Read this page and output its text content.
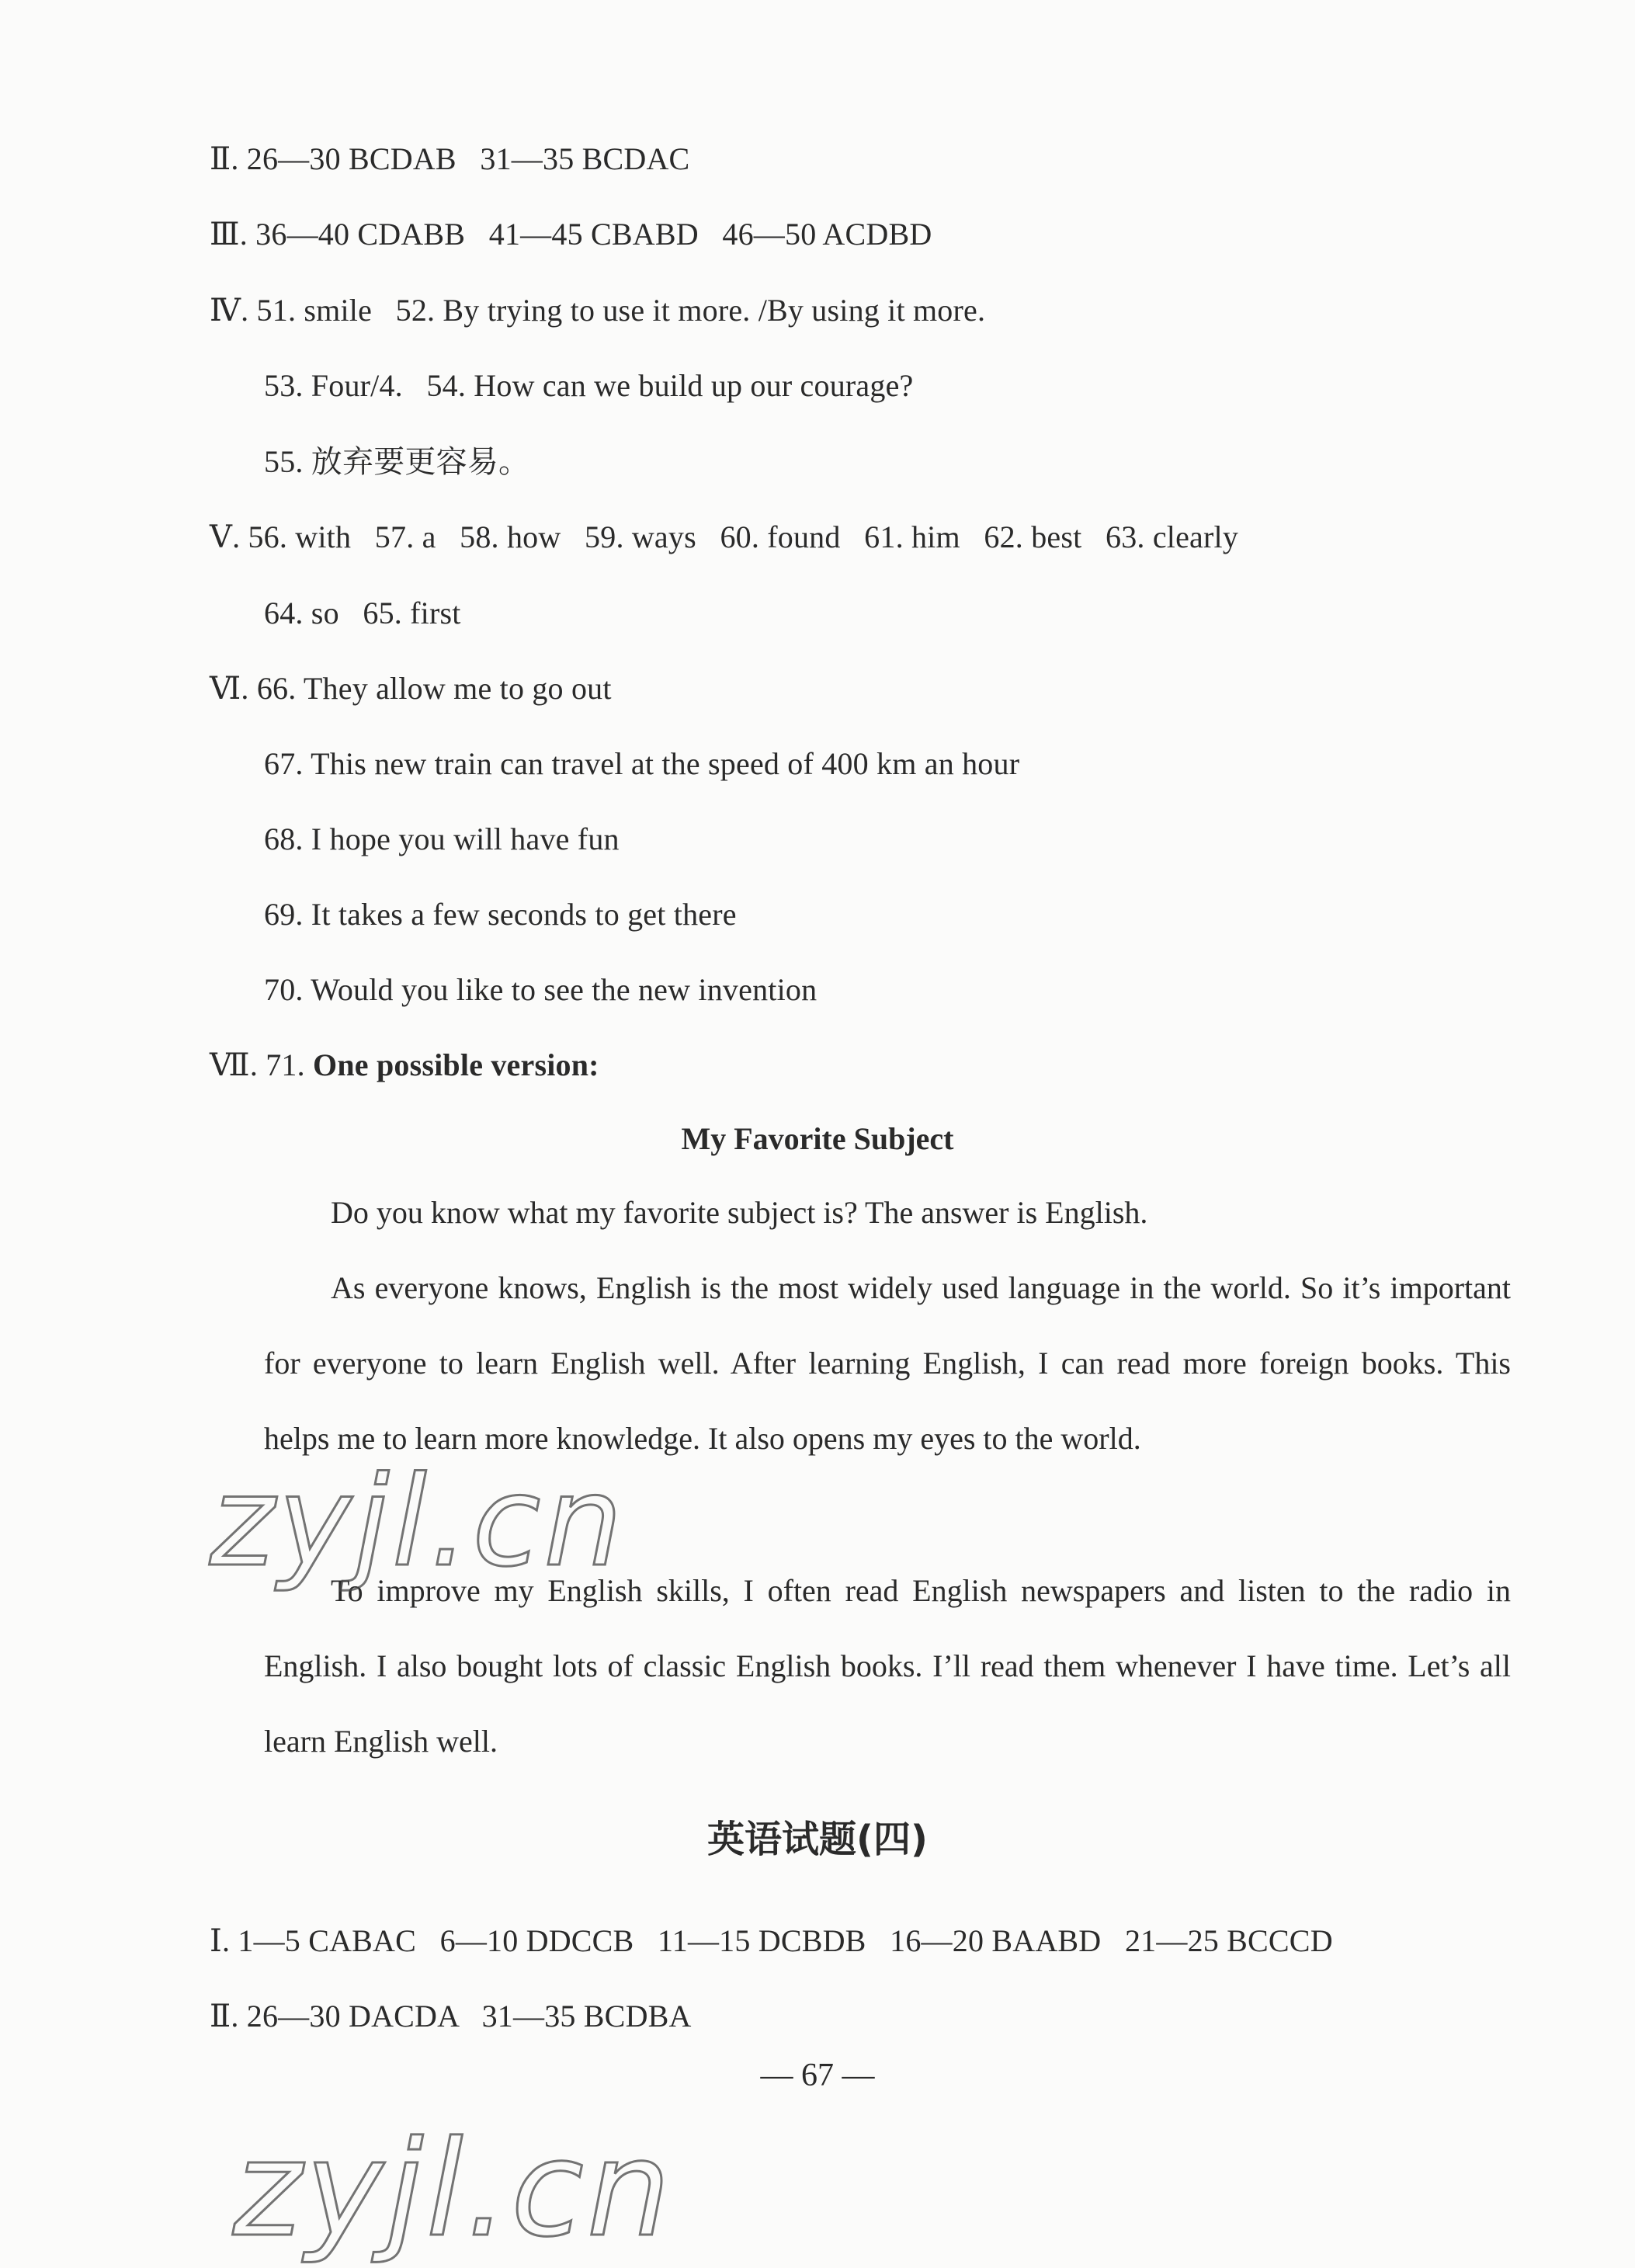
Ⅱ. 26—30 BCDAB   31—35 BCDAC
Ⅲ. 36—40 CDABB   41—45 CBABD   46—50 ACDBD
Ⅳ. 51. smile   52. By trying to use it more. /By using it more.
53. Four/4.   54. How can we build up our courage?
55. 放弃要更容易。
Ⅴ. 56. with   57. a   58. how   59. ways   60. found   61. him   62. best   63. clearly
64. so   65. first
Ⅵ. 66. They allow me to go out
67. This new train can travel at the speed of 400 km an hour
68. I hope you will have fun
69. It takes a few seconds to get there
70. Would you like to see the new invention
Ⅶ. 71. One possible version:
My Favorite Subject

Do you know what my favorite subject is? The answer is English.

As everyone knows, English is the most widely used language in the world. So it’s important for everyone to learn English well. After learning English, I can read more foreign books. This helps me to learn more knowledge. It also opens my eyes to the world.

To improve my English skills, I often read English newspapers and listen to the radio in English. I also bought lots of classic English books. I’ll read them whenever I have time. Let’s all learn English well.

英语试题(四)
Ⅰ. 1—5 CABAC   6—10 DDCCB   11—15 DCBDB   16—20 BAABD   21—25 BCCCD
Ⅱ. 26—30 DACDA   31—35 BCDBA
— 67 —
zyjl.cn
zyjl.cn
